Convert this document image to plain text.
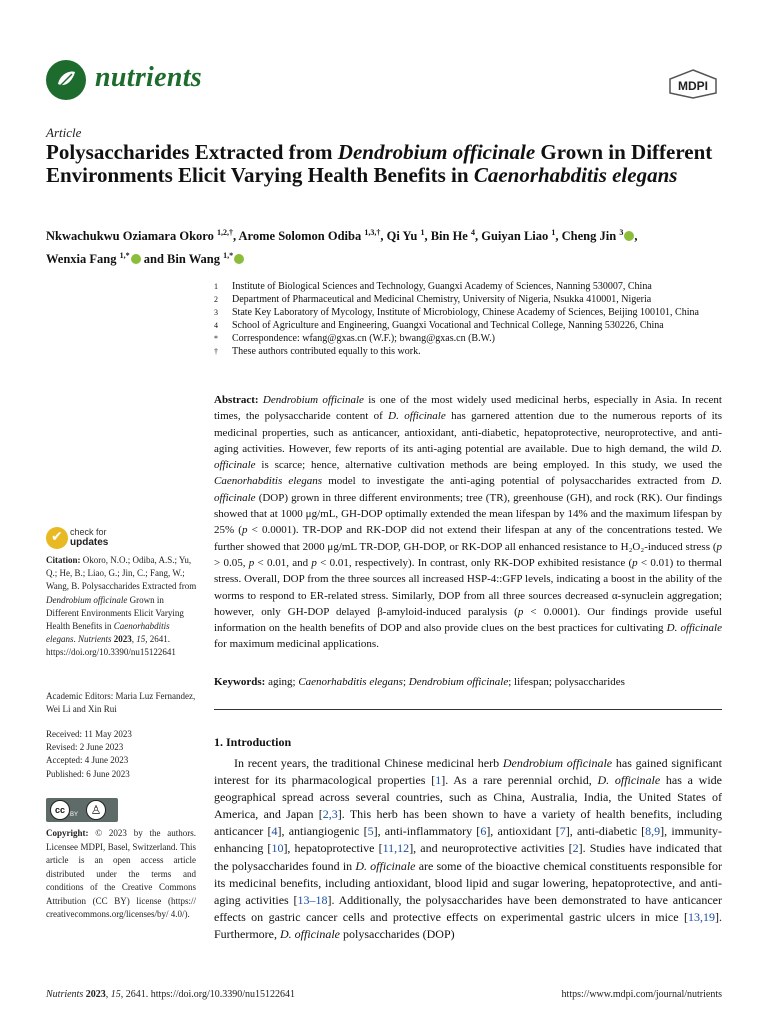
nutrients	MDPI
Article
Polysaccharides Extracted from Dendrobium officinale Grown in Different Environments Elicit Varying Health Benefits in Caenorhabditis elegans
Nkwachukwu Oziamara Okoro $^{1,2,\dagger}$, Arome Solomon Odiba $^{1,3,\dagger}$, Qi Yu $^1$, Bin He $^4$, Guiyan Liao $^1$, Cheng Jin $^3$ ,
Wenxia Fang $^{1,*}$ and Bin Wang $^{1,*}$
1	Institute of Biological Sciences and Technology, Guangxi Academy of Sciences, Nanning 530007, China
2	Department of Pharmaceutical and Medicinal Chemistry, University of Nigeria, Nsukka 410001, Nigeria
3	State Key Laboratory of Mycology, Institute of Microbiology, Chinese Academy of Sciences, Beijing 100101, China
4	School of Agriculture and Engineering, Guangxi Vocational and Technical College, Nanning 530226, China
*	Correspondence: wfang@gxas.cn (W.F.); bwang@gxas.cn (B.W.)
†	These authors contributed equally to this work.
Abstract: Dendrobium officinale is one of the most widely used medicinal herbs, especially in Asia. In recent times, the polysaccharide content of D. officinale has garnered attention due to the numerous reports of its medicinal properties, such as anticancer, antioxidant, anti-diabetic, hepatoprotective, neuroprotective, and anti-aging activities. However, few reports of its anti-aging potential are available. Due to high demand, the wild D. officinale is scarce; hence, alternative cultivation methods are being employed. In this study, we used the Caenorhabditis elegans model to investigate the anti-aging potential of polysaccharides extracted from D. officinale (DOP) grown in three different environments; tree (TR), greenhouse (GH), and rock (RK). Our findings showed that at 1000 μg/mL, GH-DOP optimally extended the mean lifespan by 14% and the maximum lifespan by 25% (p < 0.0001). TR-DOP and RK-DOP did not extend their lifespan at any of the concentrations tested. We further showed that 2000 μg/mL TR-DOP, GH-DOP, or RK-DOP all enhanced resistance to H₂O₂-induced stress (p > 0.05, p < 0.01, and p < 0.01, respectively). In contrast, only RK-DOP exhibited resistance (p < 0.01) to thermal stress. Overall, DOP from the three sources all increased HSP-4::GFP levels, indicating a boost in the ability of the worms to respond to ER-related stress. Similarly, DOP from all three sources decreased α-synuclein aggregation; however, only GH-DOP delayed β-amyloid-induced paralysis (p < 0.0001). Our findings provide useful information on the health benefits of DOP and also provide clues on the best practices for cultivating D. officinale for maximum medicinal applications.
Keywords: aging; Caenorhabditis elegans; Dendrobium officinale; lifespan; polysaccharides
1. Introduction
In recent years, the traditional Chinese medicinal herb Dendrobium officinale has gained significant interest for its pharmacological properties [1]. As a rare perennial orchid, D. officinale has a wide geographical spread across several countries, such as China, Australia, India, the United States of America, and Japan [2,3]. This herb has been shown to have a variety of health benefits, including anticancer [4], antiangiogenic [5], anti-inflammatory [6], antioxidant [7], anti-diabetic [8,9], immunity-enhancing [10], hepatoprotective [11,12], and neuroprotective activities [2]. Studies have indicated that the polysaccharides found in D. officinale are some of the bioactive chemical constituents responsible for its medicinal benefits, including antioxidant, blood lipid and sugar lowering, hepatoprotective, and anti-aging activities [13–18]. Additionally, the polysaccharides have been demonstrated to have anticancer effects on gastric cancer cells and protective effects on experimental gastric ulcers in mice [13,19]. Furthermore, D. officinale polysaccharides (DOP)
✔ check for
updates
Citation: Okoro, N.O.; Odiba, A.S.; Yu, Q.; He, B.; Liao, G.; Jin, C.; Fang, W.; Wang, B. Polysaccharides Extracted from Dendrobium officinale Grown in Different Environments Elicit Varying Health Benefits in Caenorhabditis elegans. Nutrients 2023, 15, 2641. https://doi.org/10.3390/nu15122641
Academic Editors: Maria Luz Fernandez, Wei Li and Xin Rui
Received: 11 May 2023
Revised: 2 June 2023
Accepted: 4 June 2023
Published: 6 June 2023
cc	♙
BY
Copyright: © 2023 by the authors. Licensee MDPI, Basel, Switzerland. This article is an open access article distributed under the terms and conditions of the Creative Commons Attribution (CC BY) license (https:// creativecommons.org/licenses/by/ 4.0/).
Nutrients 2023, 15, 2641. https://doi.org/10.3390/nu15122641	https://www.mdpi.com/journal/nutrients
